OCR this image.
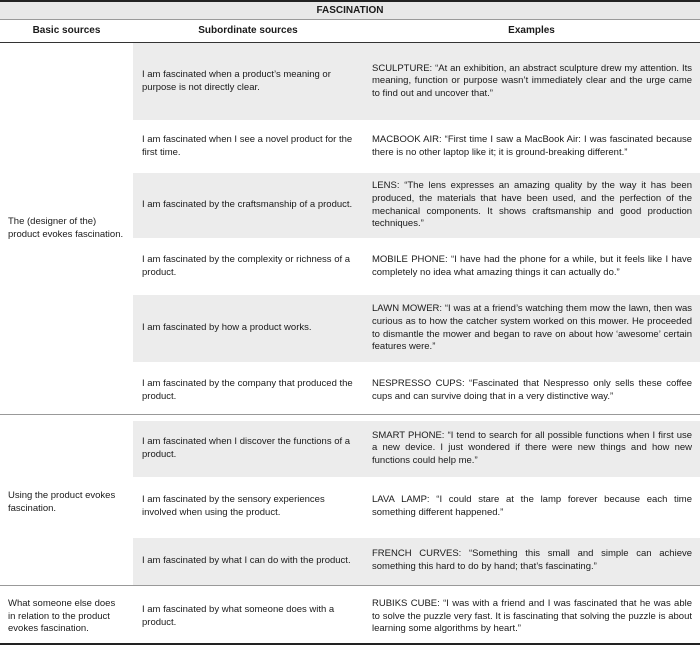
FASCINATION		
Basic sources	Subordinate sources	Examples
The (designer of the) product evokes fascination.	I am fascinated when a product’s meaning or purpose is not directly clear.	SCULPTURE: “At an exhibition, an abstract sculpture drew my attention. Its meaning, function or purpose wasn’t immediately clear and the urge came to find out and uncover that.”
	I am fascinated when I see a novel product for the first time.	MACBOOK AIR: “First time I saw a MacBook Air: I was fascinated because there is no other laptop like it; it is ground-breaking different.”
	I am fascinated by the craftsmanship of a product.	LENS: “The lens expresses an amazing quality by the way it has been produced, the materials that have been used, and the perfection of the mechanical components. It shows craftsmanship and good production techniques.”
	I am fascinated by the complexity or richness of a product.	MOBILE PHONE: “I have had the phone for a while, but it feels like I have completely no idea what amazing things it can actually do.”
	I am fascinated by how a product works.	LAWN MOWER: “I was at a friend’s watching them mow the lawn, then was curious as to how the catcher system worked on this mower. He proceeded to dismantle the mower and began to rave on about how ‘awesome’ certain features were.”
	I am fascinated by the company that produced the product.	NESPRESSO CUPS: “Fascinated that Nespresso only sells these coffee cups and can survive doing that in a very distinctive way.”

Using the product evokes fascination.	I am fascinated when I discover the functions of a product.	SMART PHONE: “I tend to search for all possible functions when I first use a new device. I just wondered if there were new things and how new functions could help me.”
	I am fascinated by the sensory experiences involved when using the product.	LAVA LAMP: “I could stare at the lamp forever because each time something different happened.”
	I am fascinated by what I can do with the product.	FRENCH CURVES: “Something this small and simple can achieve something this hard to do by hand; that’s fascinating.”

What someone else does in relation to the product evokes fascination.	I am fascinated by what someone does with a product.	RUBIKS CUBE: “I was with a friend and I was fascinated that he was able to solve the puzzle very fast. It is fascinating that solving the puzzle is about learning some algorithms by heart.”
